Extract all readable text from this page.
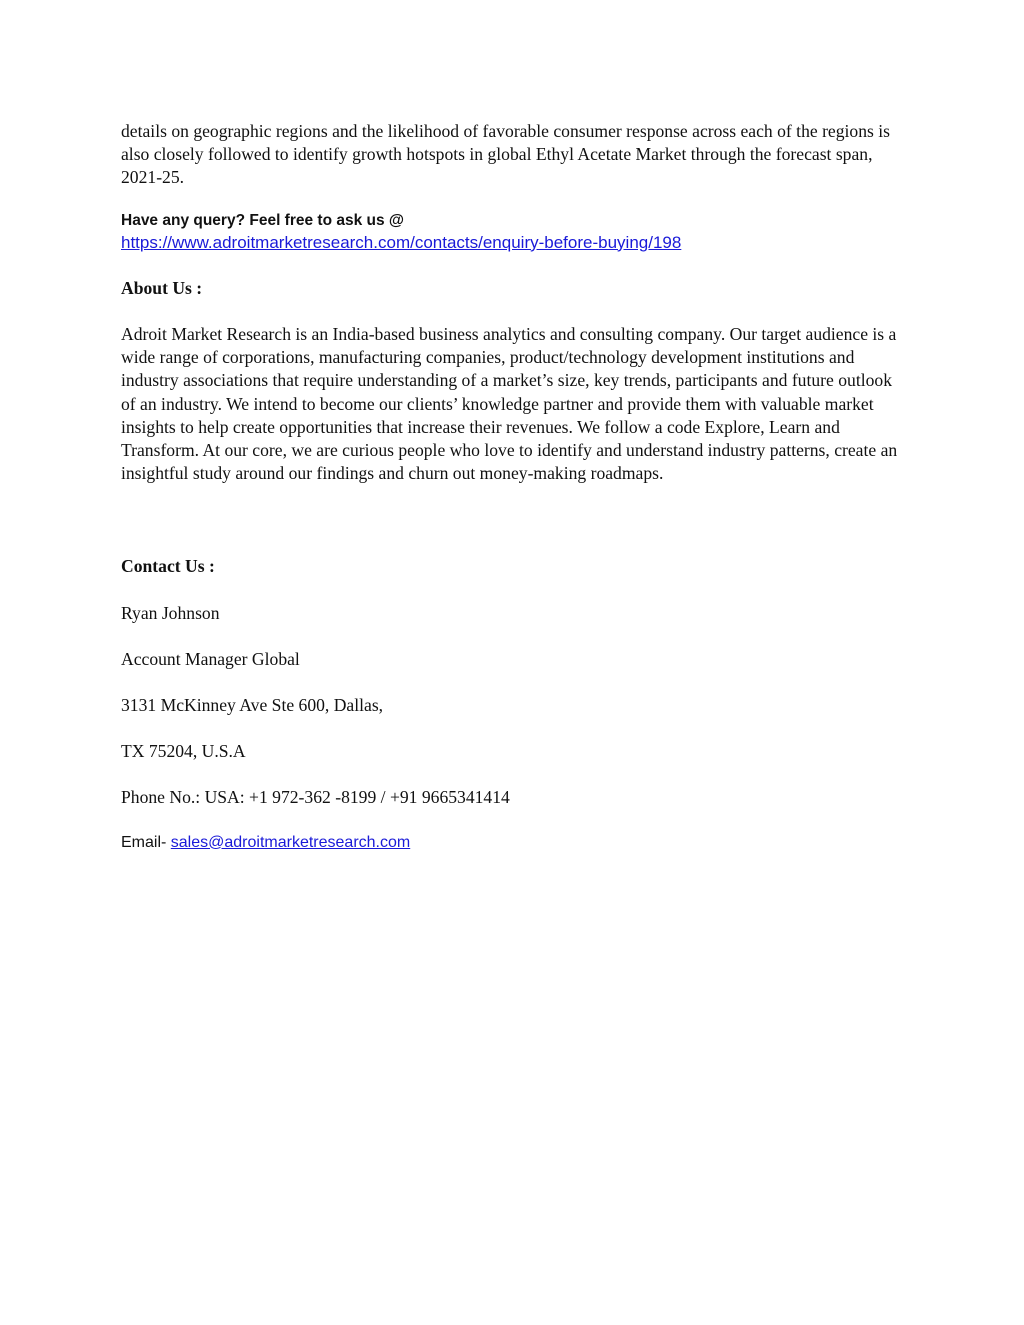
details on geographic regions and the likelihood of favorable consumer response across each of the regions is also closely followed to identify growth hotspots in global Ethyl Acetate Market through the forecast span, 2021-25.

Have any query? Feel free to ask us @
https://www.adroitmarketresearch.com/contacts/enquiry-before-buying/198

About Us :

Adroit Market Research is an India-based business analytics and consulting company. Our target audience is a wide range of corporations, manufacturing companies, product/technology development institutions and industry associations that require understanding of a market’s size, key trends, participants and future outlook of an industry. We intend to become our clients’ knowledge partner and provide them with valuable market insights to help create opportunities that increase their revenues. We follow a code Explore, Learn and Transform. At our core, we are curious people who love to identify and understand industry patterns, create an insightful study around our findings and churn out money-making roadmaps.

Contact Us :

Ryan Johnson

Account Manager Global

3131 McKinney Ave Ste 600, Dallas,

TX 75204, U.S.A

Phone No.: USA: +1 972-362 -8199 / +91 9665341414

Email- sales@adroitmarketresearch.com
